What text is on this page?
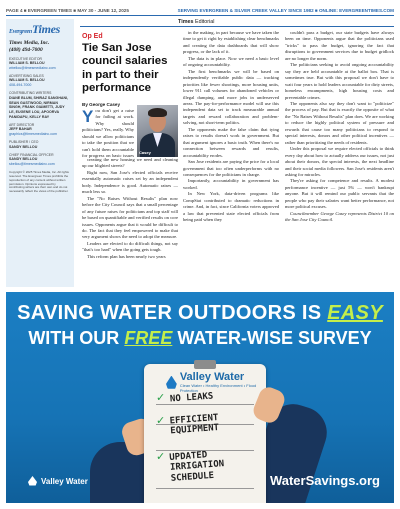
PAGE 4 ■ EVERGREEN TIMES ■ MAY 30 - JUNE 12, 2025	SERVING EVERGREEN & SILVER CREEK VALLEY SINCE 1982 ■ ONLINE: EVERGREENTIMES.COM
EvergreenTimes
Times Media, Inc.
(408) 494-7000
EXECUTIVE EDITOR
WILLIAM S. BELLOU
wbellou@timesmediainc.com
ADVERTISING SALES
WILLIAM S. BELLOU
408-494-7000
CONTRIBUTING WRITERS
DIANE BLUM, SHIRAZ SANGHANI, SEAN GASTWOOD, NIRMAN SINGH, FRANK GIAMETTI, JUDY LE, EUGENE LOU, APOORVA PANIDAPU, KELLY RAY
ART DIRECTOR
JEFF BAHAR
graphics@timesmediainc.com
PUBLISHER / CEO
SANDY BELLOU
CHIEF FINANCIAL OFFICER
SANDY BELLOU
sbellou@timesmediainc.com
Copyright © 2025 Times Media, Inc. All rights reserved. The Evergreen Times prohibits the reproduction of any content without written permission. Opinions expressed by contributing writers are their own and do not necessarily reflect the views of the publisher.
Times Editorial
Op Ed
Tie San Jose council salaries in part to their performance
By George Casey
You don't get a raise for failing at work. Why should politicians? Yes, really. Why should we allow politicians to take the position that we can't hold them accountable for progress on basic issues
Casey

creating the new housing we need and cleaning up our blighted streets?

Right now, San Jose's elected officials receive essentially automatic raises set by an independent body. Independence is good. Automatic raises — much less so.

The "No Raises Without Results" plan now before the City Council says that a small percentage of any future raises for politicians and top staff will be based on quantifiable and verified results on core issues. Opponents argue that it would be difficult to do. The fact that they feel empowered to make that very argument shows the need to adopt the measure.

Leaders are elected to do difficult things, not say "that's too hard" when the going gets tough.

This reform plan has been nearly two years

in the making, in part because we have taken the time to get it right by establishing clear benchmarks and creating the data dashboards that will show progress, or the lack of it.

The data is in place. Now we need a basic level of ongoing accountability.

The first benchmarks we will be based on independently verifiable public data — tracking priorities like fewer shootings, more housing units, lower 911 call volumes for abandoned vehicles or illegal dumping, and more jobs in underserved areas. The pay-for-performance model will use this independent data set to track measurable annual targets and reward collaboration and problem-solving, not short-term politics.

The opponents make the false claim that tying raises to results doesn't work in government. But that argument ignores a basic truth. When there's no connection between rewards and results, accountability erodes.

San Jose residents are paying the price for a local government that too often underperforms with no consequences for the politicians in charge.

Importantly, accountability in government has worked.

In New York, data-driven programs like CompStat contributed to dramatic reductions in crime. And, in fact, since California voters approved a law that prevented state elected officials from being paid when they

couldn't pass a budget, our state budgets have always been on time. Opponents argue that the politicians used "tricks" to pass the budget, ignoring the fact that disruptions to government services due to budget gridlock are no longer the norm.

The politicians seeking to avoid ongoing accountability say they are held accountable at the ballot box. That is sometimes true. But with this proposal we don't have to wait four years to hold leaders accountable for dirty streets, homeless encampments, high housing costs and preventable crimes.

The opponents also say they don't want to "politicize" the process of pay. But that is exactly the opposite of what the "No Raises Without Results" plan does. We are working to reduce the highly political system of pressure and rewards that cause too many politicians to respond to special interests, donors and other political incentives — rather than prioritizing the needs of residents.

Under this proposal we require elected officials to think every day about how to actually address our issues, not just about their donors, the special interests, the next headline and their social media followers. San Jose's residents aren't asking for miracles.

They're asking for competence and results. A modest performance incentive — just 5% — won't bankrupt anyone. But it will remind our public servants that the people who pay their salaries want better performance, not more political excuses.

Councilmember George Casey represents District 10 on the San Jose City Council.

SAVING WATER OUTDOORS IS EASY
WITH OUR FREE WATER-WISE SURVEY
Valley Water
Clean Water • Healthy Environment • Flood Protection
✓ NO LEAKS
✓ EFFICIENT EQUIPMENT
✓ UPDATED IRRIGATION SCHEDULE
Valley Water	WaterSavings.org
